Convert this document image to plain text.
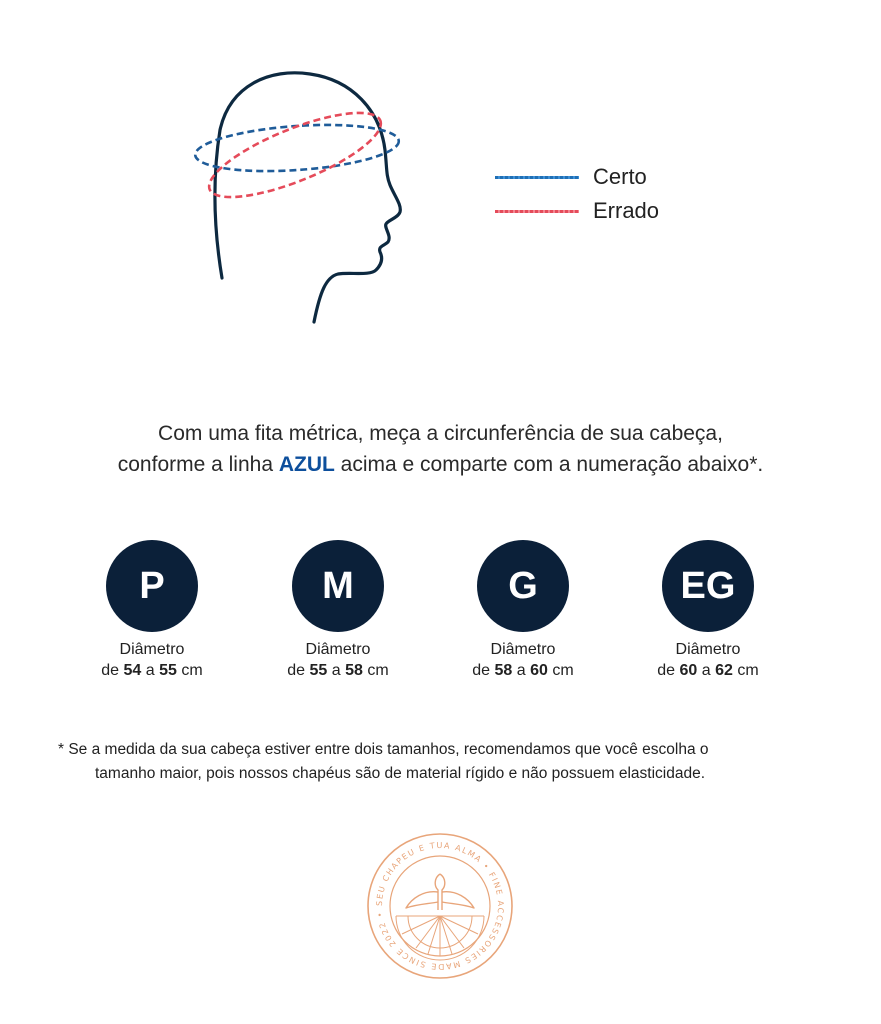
Certo
Errado
Com uma fita métrica, meça a circunferência de sua cabeça,
conforme a linha AZUL acima e comparte com a numeração abaixo*.
P
Diâmetro
de 54 a 55 cm
M
Diâmetro
de 55 a 58 cm
G
Diâmetro
de 58 a 60 cm
EG
Diâmetro
de 60 a 62 cm
* Se a medida da sua cabeça estiver entre dois tamanhos, recomendamos que você escolha o
tamanho maior, pois nossos chapéus são de material rígido e não possuem elasticidade.
SEU CHAPEU E TUA ALMA • FINE ACCESSORIES MADE SINCE 2022 •
